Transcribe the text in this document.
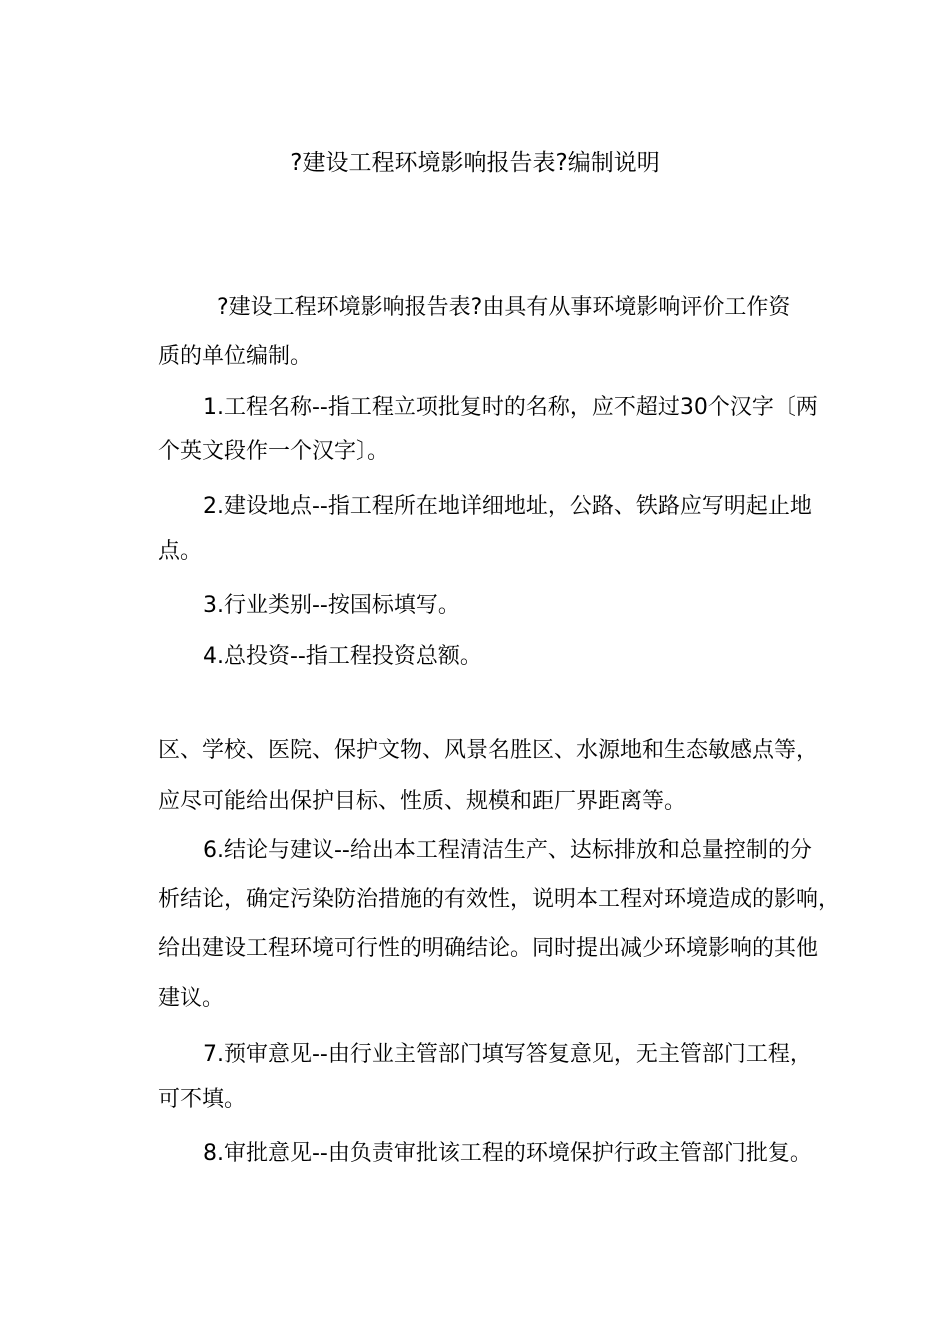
?建设工程环境影响报告表?编制说明
?建设工程环境影响报告表?由具有从事环境影响评价工作资
质的单位编制。
1.工程名称--指工程立项批复时的名称，应不超过30个汉字〔两
个英文段作一个汉字〕。
2.建设地点--指工程所在地详细地址，公路、铁路应写明起止地
点。
3.行业类别--按国标填写。
4.总投资--指工程投资总额。
区、学校、医院、保护文物、风景名胜区、水源地和生态敏感点等，
应尽可能给出保护目标、性质、规模和距厂界距离等。
6.结论与建议--给出本工程清洁生产、达标排放和总量控制的分
析结论，确定污染防治措施的有效性，说明本工程对环境造成的影响，
给出建设工程环境可行性的明确结论。同时提出减少环境影响的其他
建议。
7.预审意见--由行业主管部门填写答复意见，无主管部门工程，
可不填。
8.审批意见--由负责审批该工程的环境保护行政主管部门批复。
